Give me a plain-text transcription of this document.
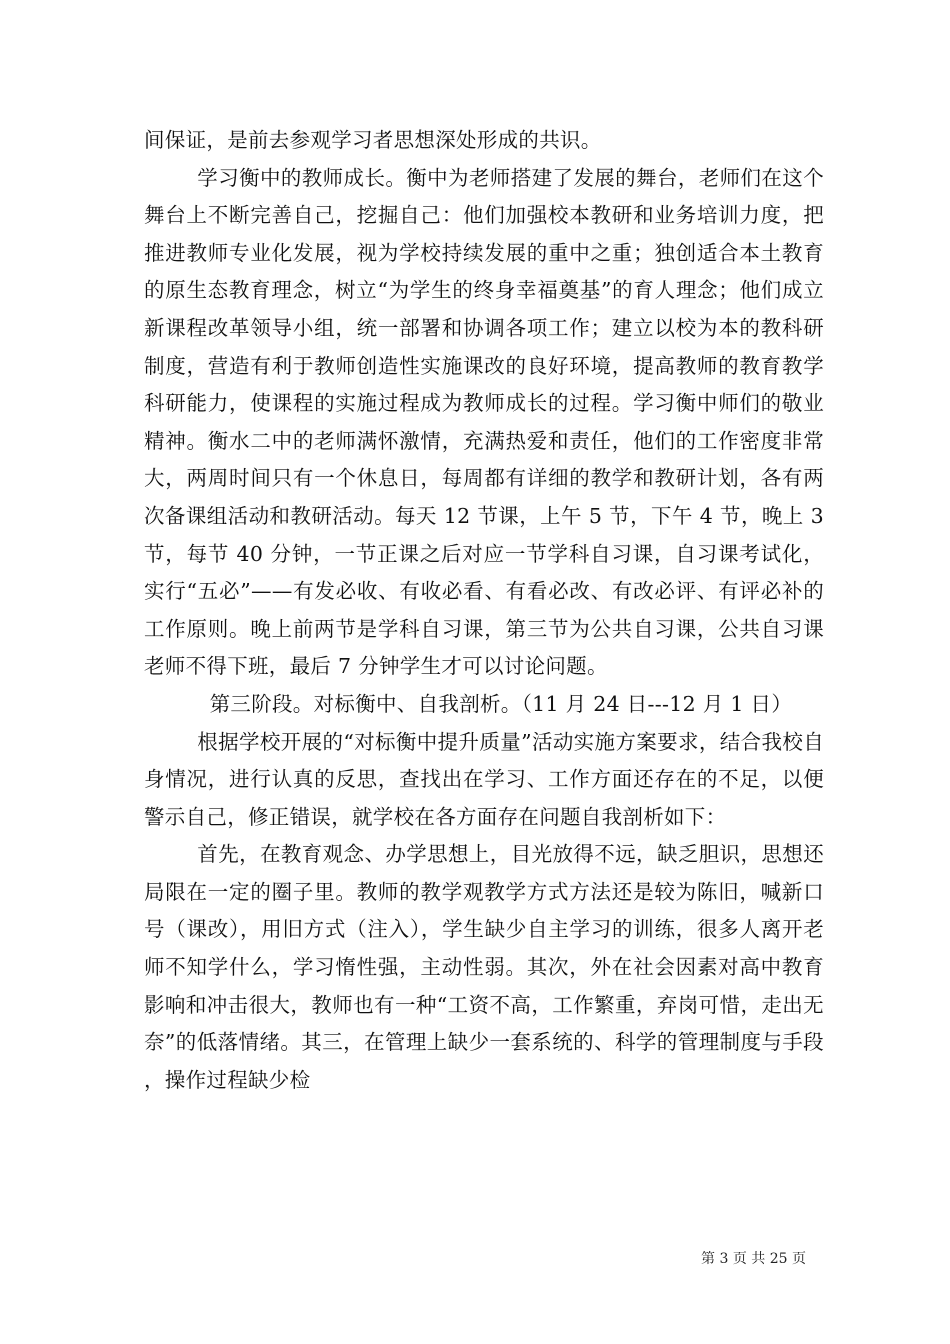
间保证，是前去参观学习者思想深处形成的共识。

学习衡中的教师成长。衡中为老师搭建了发展的舞台，老师们在这个舞台上不断完善自己，挖掘自己：他们加强校本教研和业务培训力度，把推进教师专业化发展，视为学校持续发展的重中之重；独创适合本土教育的原生态教育理念，树立“为学生的终身幸福奠基”的育人理念；他们成立新课程改革领导小组，统一部署和协调各项工作；建立以校为本的教科研制度，营造有利于教师创造性实施课改的良好环境，提高教师的教育教学科研能力，使课程的实施过程成为教师成长的过程。学习衡中师们的敬业精神。衡水二中的老师满怀激情，充满热爱和责任，他们的工作密度非常大，两周时间只有一个休息日，每周都有详细的教学和教研计划，各有两次备课组活动和教研活动。每天 12 节课，上午 5 节，下午 4 节，晚上 3 节，每节 40 分钟，一节正课之后对应一节学科自习课，自习课考试化，实行“五必”——有发必收、有收必看、有看必改、有改必评、有评必补的工作原则。晚上前两节是学科自习课，第三节为公共自习课，公共自习课老师不得下班，最后 7 分钟学生才可以讨论问题。

第三阶段。对标衡中、自我剖析。（11 月 24 日---12 月 1 日）

根据学校开展的“对标衡中提升质量”活动实施方案要求，结合我校自身情况，进行认真的反思，查找出在学习、工作方面还存在的不足，以便警示自己，修正错误，就学校在各方面存在问题自我剖析如下：

首先，在教育观念、办学思想上，目光放得不远，缺乏胆识，思想还局限在一定的圈子里。教师的教学观教学方式方法还是较为陈旧，喊新口号（课改），用旧方式（注入），学生缺少自主学习的训练，很多人离开老师不知学什么，学习惰性强，主动性弱。其次，外在社会因素对高中教育影响和冲击很大，教师也有一种“工资不高，工作繁重，弃岗可惜，走出无奈”的低落情绪。其三，在管理上缺少一套系统的、科学的管理制度与手段，操作过程缺少检

第 3 页 共 25 页
